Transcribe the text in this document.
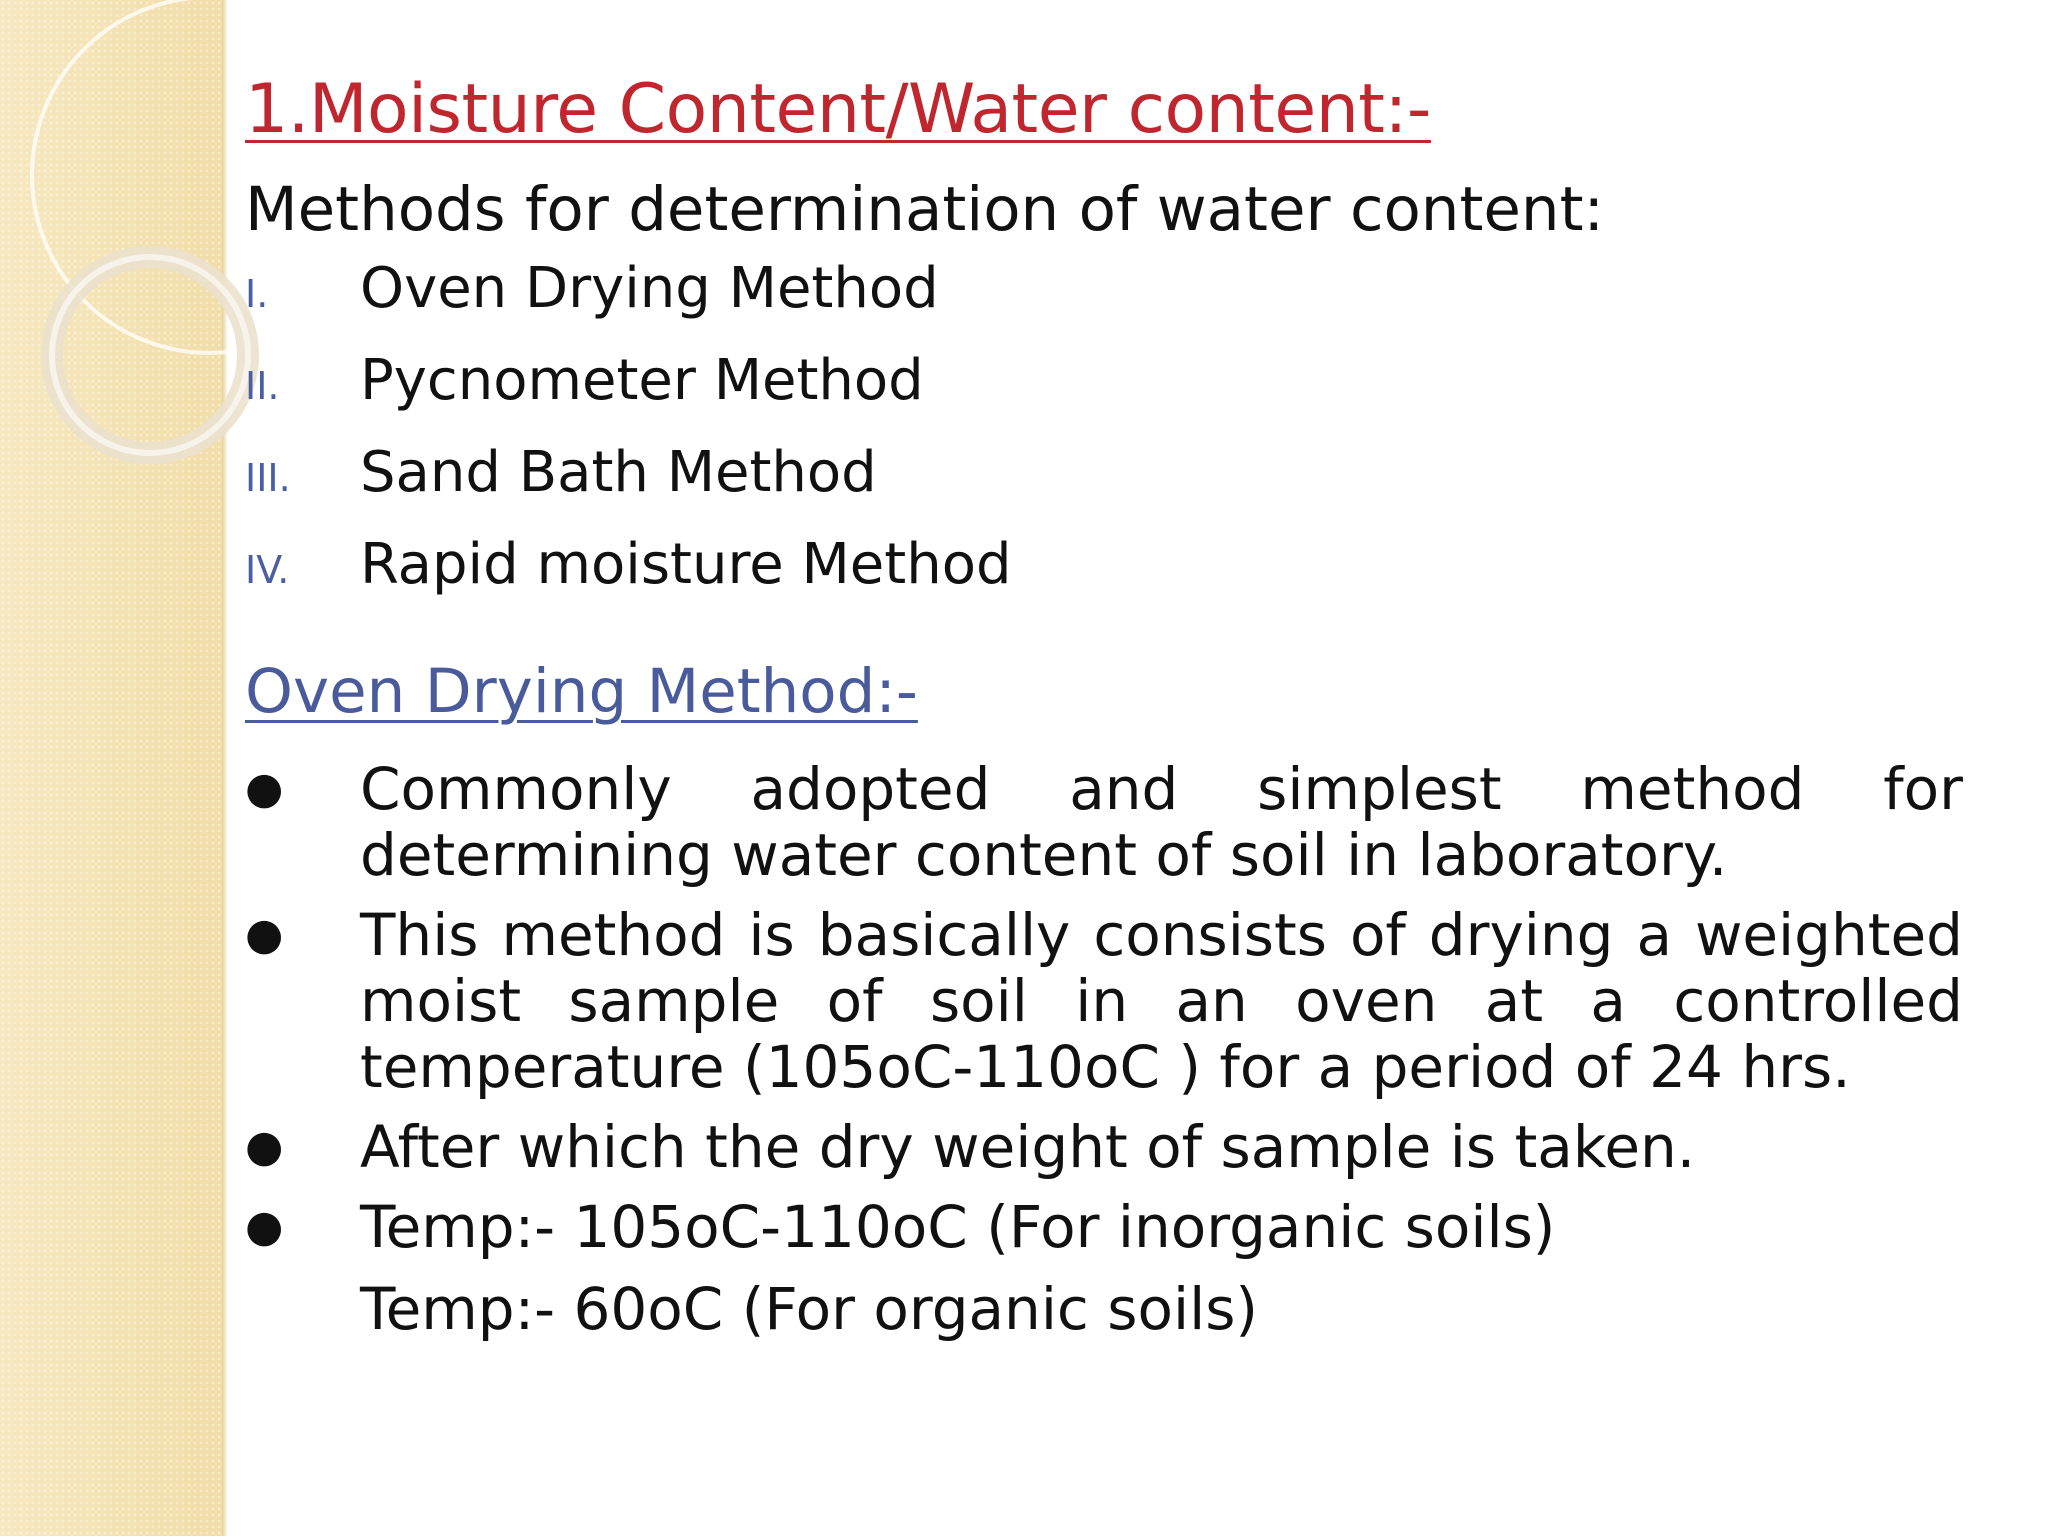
1.Moisture Content/Water content:-
Methods for determination of water content:
I.	Oven Drying Method
II.	Pycnometer Method
III.	Sand Bath Method
IV.	Rapid moisture Method
Oven Drying Method:-
●	Commonly adopted and simplest method for determining water content of soil in laboratory.
●	This method is basically consists of drying a weighted moist sample of soil in an oven at a controlled temperature (105oC-110oC ) for a period of 24 hrs.
●	After which the dry weight of sample is taken.
●	Temp:- 105oC-110oC (For inorganic soils)
Temp:- 60oC (For organic soils)
